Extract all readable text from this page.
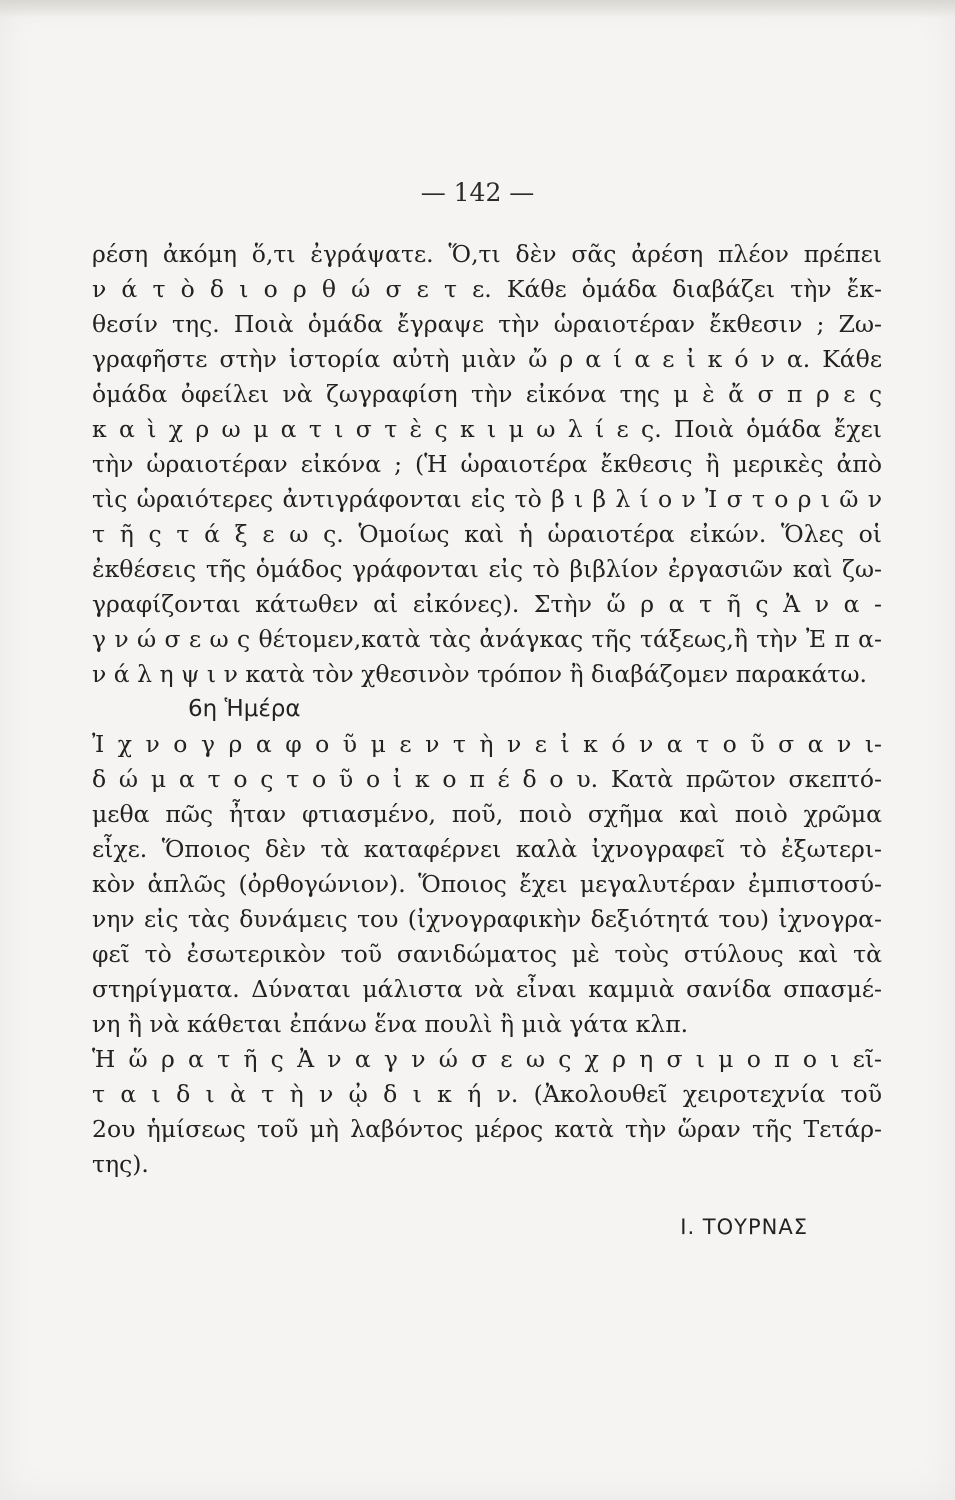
— 142 —
ρέση ἀκόμη ὅ,τι ἐγράψατε. Ὅ,τι δὲν σᾶς ἀρέση πλέον πρέπει
ν ά τ ὸ δ ι ο ρ θ ώ σ ε τ ε. Κάθε ὁμάδα διαβάζει τὴν ἔκ-
θεσίν της. Ποιὰ ὁμάδα ἔγραψε τὴν ὡραιοτέραν ἔκθεσιν ; Ζω-
γραφῆστε στὴν ἱστορία αὐτὴ μιὰν ὤ ρ α ί α ε ἰ κ ό ν α. Κάθε
ὁμάδα ὀφείλει νὰ ζωγραφίση τὴν εἰκόνα της μ ὲ ἄ σ π ρ ε ς
κ α ὶ χ ρ ω μ α τ ι σ τ ὲ ς κ ι μ ω λ ί ε ς. Ποιὰ ὁμάδα ἔχει
τὴν ὡραιοτέραν εἰκόνα ; (Ἡ ὡραιοτέρα ἔκθεσις ἢ μερικὲς ἀπὸ
τὶς ὡραιότερες ἀντιγράφονται εἰς τὸ β ι β λ ί ο ν Ἰ σ τ ο ρ ι ῶ ν
τ ῆ ς τ ά ξ ε ω ς. Ὁμοίως καὶ ἡ ὡραιοτέρα εἰκών. Ὅλες οἱ
ἐκθέσεις τῆς ὁμάδος γράφονται εἰς τὸ βιβλίον ἐργασιῶν καὶ ζω-
γραφίζονται κάτωθεν αἱ εἰκόνες). Στὴν ὥ ρ α τ ῆ ς Ἀ ν α -
γ ν ώ σ ε ω ς θέτομεν,κατὰ τὰς ἀνάγκας τῆς τάξεως,ἢ τὴν Ἐ π α-
ν ά λ η ψ ι ν κατὰ τὸν χθεσινὸν τρόπον ἢ διαβάζομεν παρακάτω.
6η Ἡμέρα
Ἰ χ ν ο γ ρ α φ ο ῦ μ ε ν τ ὴ ν ε ἰ κ ό ν α τ ο ῦ σ α ν ι-
δ ώ μ α τ ο ς τ ο ῦ ο ἰ κ ο π έ δ ο υ. Κατὰ πρῶτον σκεπτό-
μεθα πῶς ἦταν φτιασμένο, ποῦ, ποιὸ σχῆμα καὶ ποιὸ χρῶμα
εἶχε. Ὅποιος δὲν τὰ καταφέρνει καλὰ ἰχνογραφεῖ τὸ ἐξωτερι-
κὸν ἁπλῶς (ὀρθογώνιον). Ὅποιος ἔχει μεγαλυτέραν ἐμπιστοσύ-
νην εἰς τὰς δυνάμεις του (ἰχνογραφικὴν δεξιότητά του) ἰχνογρα-
φεῖ τὸ ἐσωτερικὸν τοῦ σανιδώματος μὲ τοὺς στύλους καὶ τὰ
στηρίγματα. Δύναται μάλιστα νὰ εἶναι καμμιὰ σανίδα σπασμέ-
νη ἢ νὰ κάθεται ἐπάνω ἕνα πουλὶ ἢ μιὰ γάτα κλπ.
Ἡ ὥ ρ α τ ῆ ς Ἀ ν α γ ν ώ σ ε ω ς χ ρ η σ ι μ ο π ο ι εῖ-
τ α ι δ ι ὰ τ ὴ ν ᾠ δ ι κ ή ν. (Ἀκολουθεῖ χειροτεχνία τοῦ
2ου ἡμίσεως τοῦ μὴ λαβόντος μέρος κατὰ τὴν ὥραν τῆς Τετάρ-
της).
Ι. ΤΟΥΡΝΑΣ
